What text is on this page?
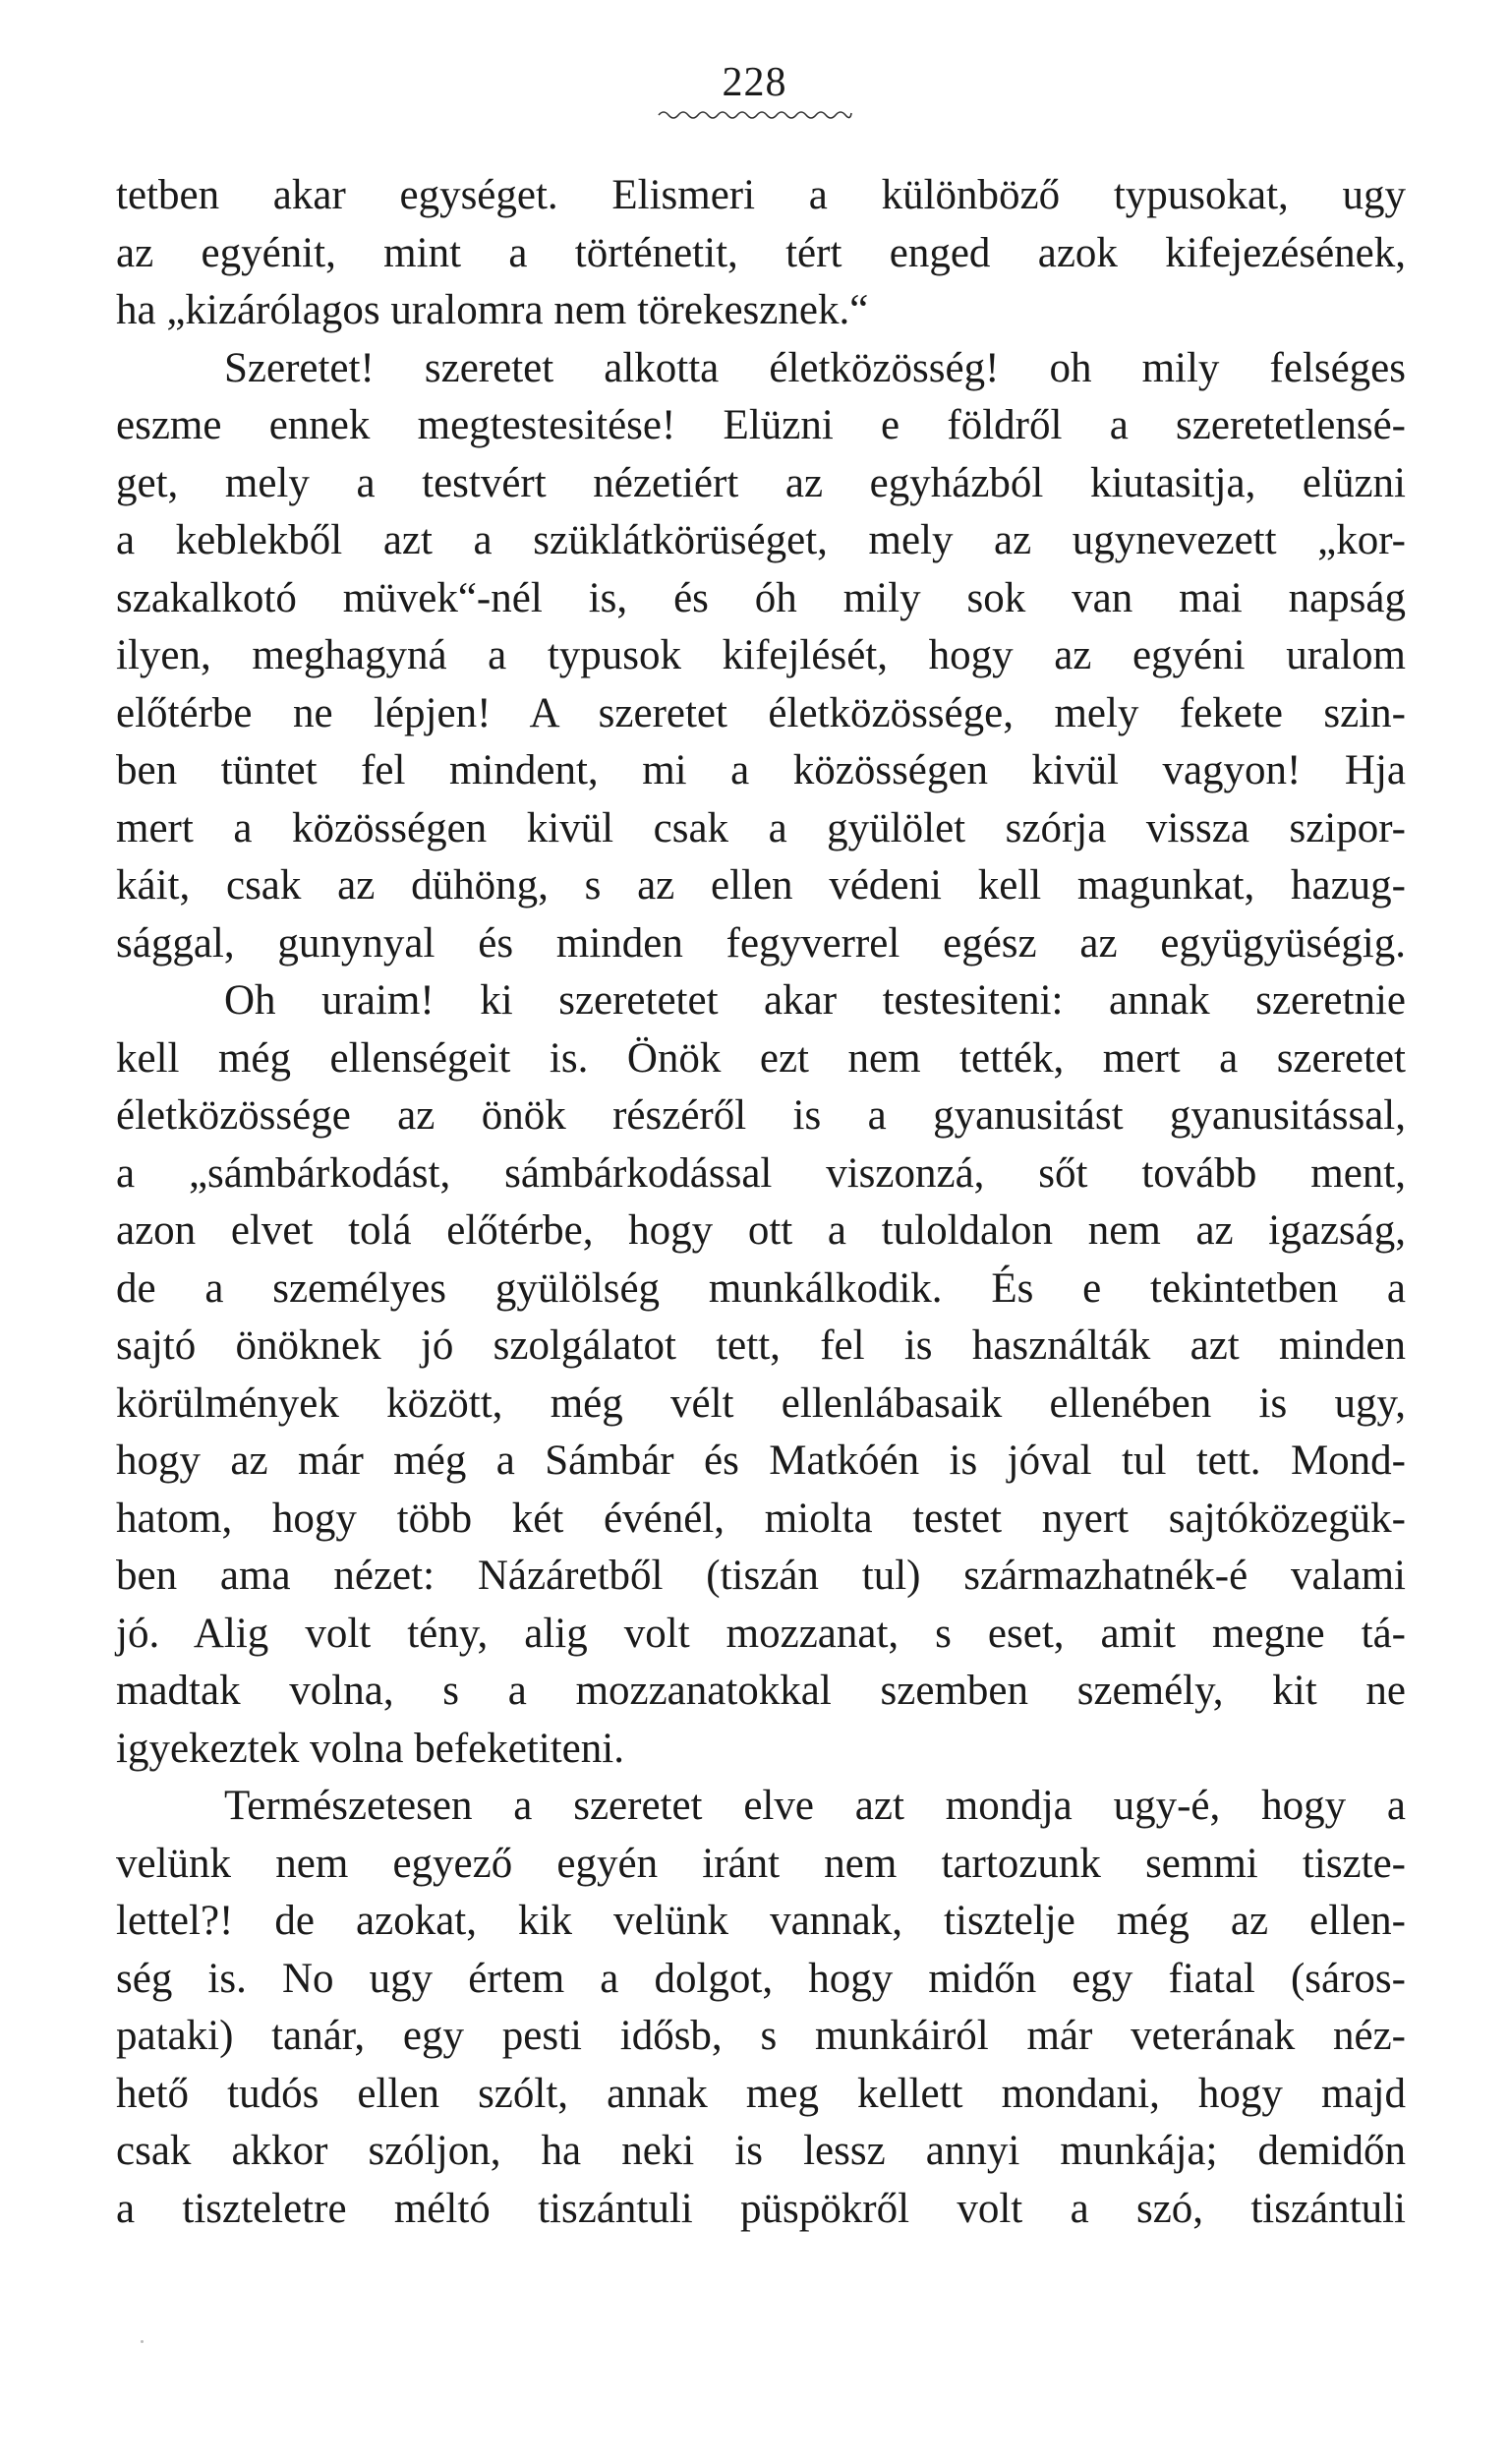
228
tetben akar egységet. Elismeri a különböző typusokat, ugy
az egyénit, mint a történetit, tért enged azok kifejezésének,
ha „kizárólagos uralomra nem törekesznek.“
Szeretet! szeretet alkotta életközösség! oh mily felséges
eszme ennek megtestesitése! Elüzni e földről a szeretetlensé-
get, mely a testvért nézetiért az egyházból kiutasitja, elüzni
a keblekből azt a szüklátkörüséget, mely az ugynevezett „kor-
szakalkotó müvek“-nél is, és óh mily sok van mai napság
ilyen, meghagyná a typusok kifejlését, hogy az egyéni uralom
előtérbe ne lépjen! A szeretet életközössége, mely fekete szin-
ben tüntet fel mindent, mi a közösségen kivül vagyon! Hja
mert a közösségen kivül csak a gyülölet szórja vissza szipor-
káit, csak az dühöng, s az ellen védeni kell magunkat, hazug-
sággal, gunynyal és minden fegyverrel egész az együgyüségig.
Oh uraim! ki szeretetet akar testesiteni: annak szeretnie
kell még ellenségeit is. Önök ezt nem tették, mert a szeretet
életközössége az önök részéről is a gyanusitást gyanusitással,
a „sámbárkodást, sámbárkodással viszonzá, sőt tovább ment,
azon elvet tolá előtérbe, hogy ott a tuloldalon nem az igazság,
de a személyes gyülölség munkálkodik. És e tekintetben a
sajtó önöknek jó szolgálatot tett, fel is használták azt minden
körülmények között, még vélt ellenlábasaik ellenében is ugy,
hogy az már még a Sámbár és Matkóén is jóval tul tett. Mond-
hatom, hogy több két événél, miolta testet nyert sajtóközegük-
ben ama nézet: Názáretből (tiszán tul) származhatnék-é valami
jó. Alig volt tény, alig volt mozzanat, s eset, amit megne tá-
madtak volna, s a mozzanatokkal szemben személy, kit ne
igyekeztek volna befeketiteni.
Természetesen a szeretet elve azt mondja ugy-é, hogy a
velünk nem egyező egyén iránt nem tartozunk semmi tiszte-
lettel?! de azokat, kik velünk vannak, tisztelje még az ellen-
ség is. No ugy értem a dolgot, hogy midőn egy fiatal (sáros-
pataki) tanár, egy pesti idősb, s munkáiról már veterának néz-
hető tudós ellen szólt, annak meg kellett mondani, hogy majd
csak akkor szóljon, ha neki is lessz annyi munkája; demidőn
a tiszteletre méltó tiszántuli püspökről volt a szó, tiszántuli
